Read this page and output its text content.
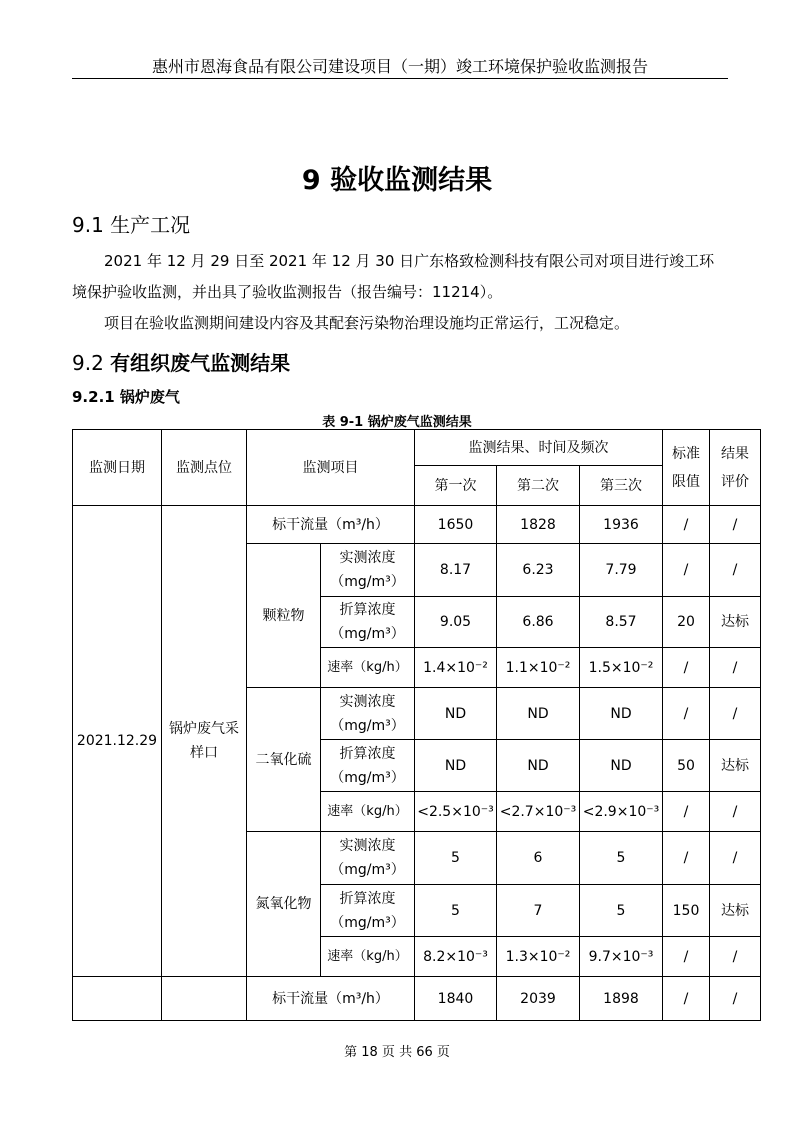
惠州市恩海食品有限公司建设项目（一期）竣工环境保护验收监测报告
9 验收监测结果
9.1 生产工况
2021 年 12 月 29 日至 2021 年 12 月 30 日广东格致检测科技有限公司对项目进行竣工环
境保护验收监测，并出具了验收监测报告（报告编号：11214）。
项目在验收监测期间建设内容及其配套污染物治理设施均正常运行，工况稳定。
9.2 有组织废气监测结果
9.2.1 锅炉废气
表 9-1 锅炉废气监测结果
监测日期	监测点位	监测项目		监测结果、时间及频次			标准限值	结果评价

				第一次	第二次	第三次		
2021.12.29	锅炉废气采样口	标干流量（m³/h）		1650	1828	1936	/	/
		颗粒物	实测浓度
（mg/m³）	8.17	6.23	7.79	/	/

			折算浓度
（mg/m³）	9.05	6.86	8.57	20	达标
			速率（kg/h）	1.4×10⁻²	1.1×10⁻²	1.5×10⁻²	/	/
		二氧化硫	实测浓度
（mg/m³）	ND	ND	ND	/	/

			折算浓度
（mg/m³）	ND	ND	ND	50	达标
			速率（kg/h）	<2.5×10⁻³	<2.7×10⁻³	<2.9×10⁻³	/	/
		氮氧化物	实测浓度
（mg/m³）	5	6	5	/	/

			折算浓度
（mg/m³）	5	7	5	150	达标
			速率（kg/h）	8.2×10⁻³	1.3×10⁻²	9.7×10⁻³	/	/
		标干流量（m³/h）	1840	2039	1898	/	/
第 18 页 共 66 页
